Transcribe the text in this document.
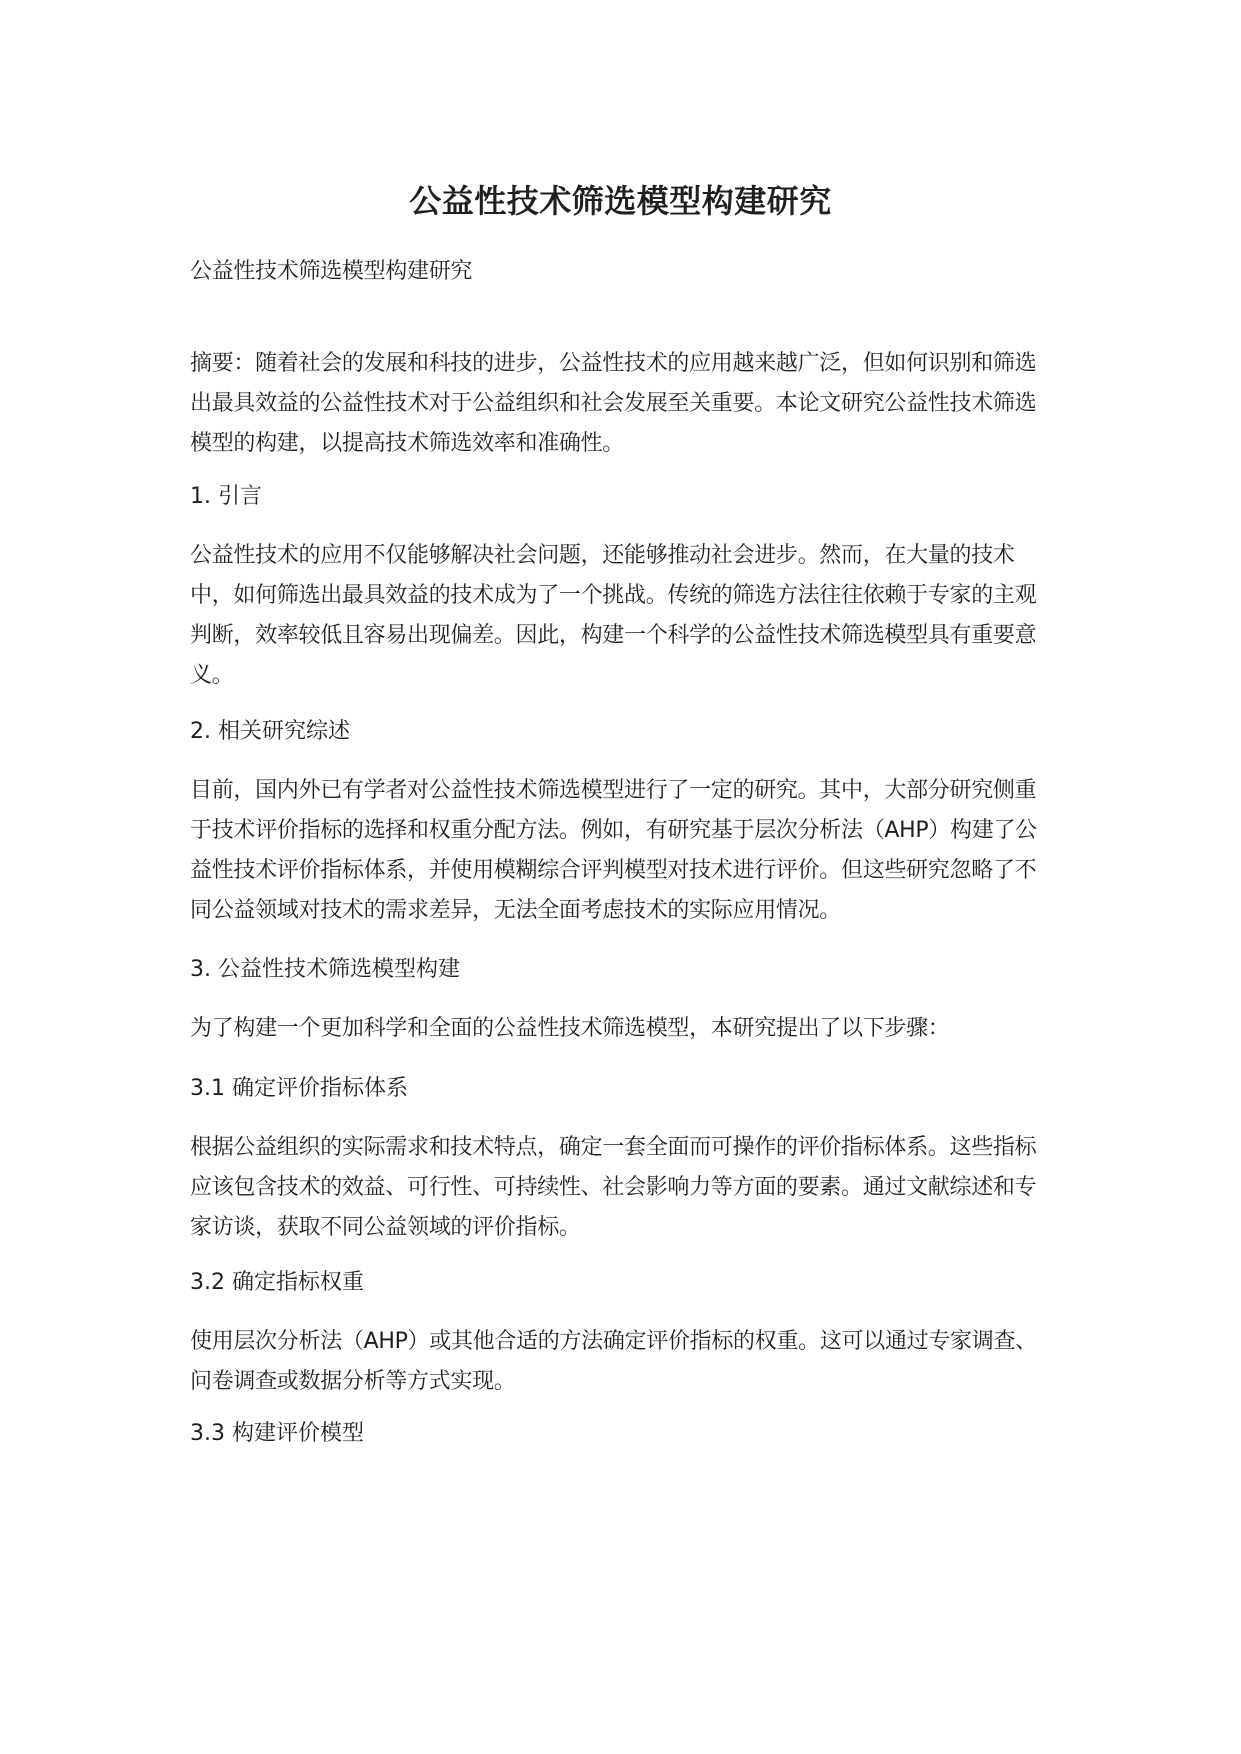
公益性技术筛选模型构建研究

公益性技术筛选模型构建研究

摘要：随着社会的发展和科技的进步，公益性技术的应用越来越广泛，但如何识别和筛选出最具效益的公益性技术对于公益组织和社会发展至关重要。本论文研究公益性技术筛选模型的构建，以提高技术筛选效率和准确性。

1. 引言

公益性技术的应用不仅能够解决社会问题，还能够推动社会进步。然而，在大量的技术中，如何筛选出最具效益的技术成为了一个挑战。传统的筛选方法往往依赖于专家的主观判断，效率较低且容易出现偏差。因此，构建一个科学的公益性技术筛选模型具有重要意义。

2. 相关研究综述

目前，国内外已有学者对公益性技术筛选模型进行了一定的研究。其中，大部分研究侧重于技术评价指标的选择和权重分配方法。例如，有研究基于层次分析法（AHP）构建了公益性技术评价指标体系，并使用模糊综合评判模型对技术进行评价。但这些研究忽略了不同公益领域对技术的需求差异，无法全面考虑技术的实际应用情况。

3. 公益性技术筛选模型构建

为了构建一个更加科学和全面的公益性技术筛选模型，本研究提出了以下步骤：

3.1 确定评价指标体系

根据公益组织的实际需求和技术特点，确定一套全面而可操作的评价指标体系。这些指标应该包含技术的效益、可行性、可持续性、社会影响力等方面的要素。通过文献综述和专家访谈，获取不同公益领域的评价指标。

3.2 确定指标权重

使用层次分析法（AHP）或其他合适的方法确定评价指标的权重。这可以通过专家调查、问卷调查或数据分析等方式实现。

3.3 构建评价模型
